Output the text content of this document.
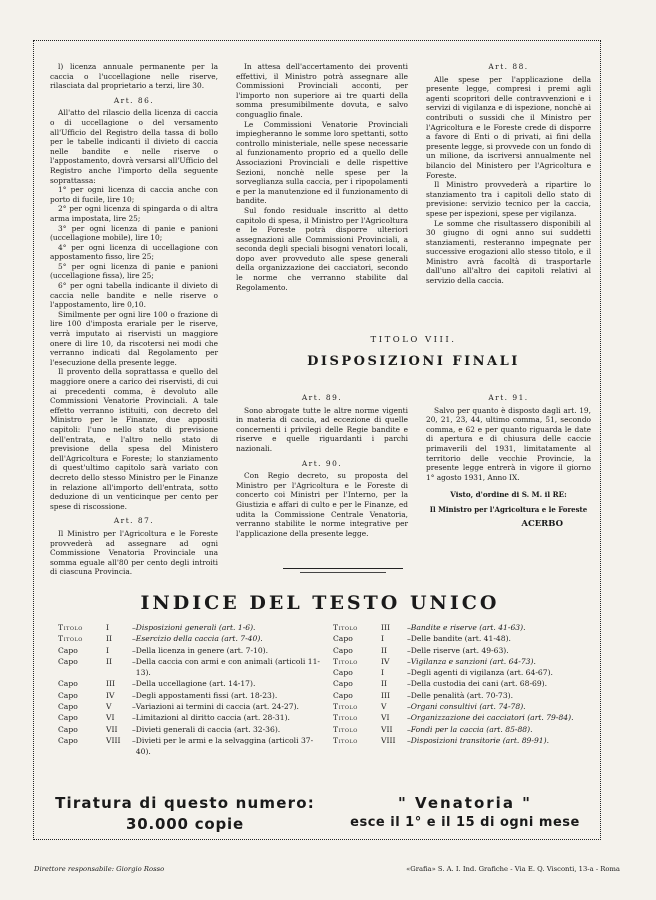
l) licenza annuale permanente per la caccia o l'uccellagione nelle riserve, rilasciata dal proprietario a terzi, lire 30.

Art. 86.

All'atto del rilascio della licenza di caccia o di uccellagione o del versamento all'Ufficio del Registro della tassa di bollo per le tabelle indicanti il divieto di caccia nelle bandite e nelle riserve o l'appostamento, dovrà versarsi all'Ufficio del Registro anche l'importo della seguente soprattassa:

1° per ogni licenza di caccia anche con porto di fucile, lire 10;

2° per ogni licenza di spingarda o di altra arma impostata, lire 25;

3° per ogni licenza di panie e panioni (uccellagione mobile), lire 10;

4° per ogni licenza di uccellagione con appostamento fisso, lire 25;

5° per ogni licenza di panie e panioni (uccellagione fissa), lire 25;

6° per ogni tabella indicante il divieto di caccia nelle bandite e nelle riserve o l'appostamento, lire 0,10.

Similmente per ogni lire 100 o frazione di lire 100 d'imposta erariale per le riserve, verrà imputato ai riservisti un maggiore onere di lire 10, da riscotersi nei modi che verranno indicati dal Regolamento per l'esecuzione della presente legge.

Il provento della soprattassa e quello del maggiore onere a carico dei riservisti, di cui ai precedenti comma, è devoluto alle Commissioni Venatorie Provinciali. A tale effetto verranno istituiti, con decreto del Ministro per le Finanze, due appositi capitoli: l'uno nello stato di previsione dell'entrata, e l'altro nello stato di previsione della spesa del Ministero dell'Agricoltura e Foreste; lo stanziamento di quest'ultimo capitolo sarà variato con decreto dello stesso Ministro per le Finanze in relazione all'importo dell'entrata, sotto deduzione di un venticinque per cento per spese di riscossione.

Art. 87.

Il Ministro per l'Agricoltura e le Foreste provvederà ad assegnare ad ogni Commissione Venatoria Provinciale una somma eguale all'80 per cento degli introiti di ciascuna Provincia.

In attesa dell'accertamento dei proventi effettivi, il Ministro potrà assegnare alle Commissioni Provinciali acconti, per l'importo non superiore ai tre quarti della somma presumibilmente dovuta, e salvo conguaglio finale.

Le Commissioni Venatorie Provinciali impiegheranno le somme loro spettanti, sotto controllo ministeriale, nelle spese necessarie al funzionamento proprio ed a quello delle Associazioni Provinciali e delle rispettive Sezioni, nonchè nelle spese per la sorveglianza sulla caccia, per i ripopolamenti e per la manutenzione ed il funzionamento di bandite.

Sul fondo residuale inscritto al detto capitolo di spesa, il Ministro per l'Agricoltura e le Foreste potrà disporre ulteriori assegnazioni alle Commissioni Provinciali, a seconda degli speciali bisogni venatori locali, dopo aver provveduto alle spese generali della organizzazione dei cacciatori, secondo le norme che verranno stabilite dal Regolamento.

Art. 88.

Alle spese per l'applicazione della presente legge, compresi i premi agli agenti scopritori delle contravvenzioni e i servizi di vigilanza e di ispezione, nonchè ai contributi o sussidi che il Ministro per l'Agricoltura e le Foreste crede di disporre a favore di Enti o di privati, ai fini della presente legge, si provvede con un fondo di un milione, da iscriversi annualmente nel bilancio del Ministero per l'Agricoltura e Foreste.

Il Ministro provvederà a ripartire lo stanziamento tra i capitoli dello stato di previsione: servizio tecnico per la caccia, spese per ispezioni, spese per vigilanza.

Le somme che risultassero disponibili al 30 giugno di ogni anno sui suddetti stanziamenti, resteranno impegnate per successive erogazioni allo stesso titolo, e il Ministro avrà facoltà di trasportarle dall'uno all'altro dei capitoli relativi al servizio della caccia.

TITOLO VIII.
DISPOSIZIONI FINALI
Art. 89.

Sono abrogate tutte le altre norme vigenti in materia di caccia, ad eccezione di quelle concernenti i privilegi delle Regie bandite e riserve e quelle riguardanti i parchi nazionali.

Art. 90.

Con Regio decreto, su proposta del Ministro per l'Agricoltura e le Foreste di concerto coi Ministri per l'Interno, per la Giustizia e affari di culto e per le Finanze, ed udita la Commissione Centrale Venatoria, verranno stabilite le norme integrative per l'applicazione della presente legge.

Art. 91.

Salvo per quanto è disposto dagli art. 19, 20, 21, 23, 44, ultimo comma, 51, secondo comma, e 62 e per quanto riguarda le date di apertura e di chiusura delle caccie primaverili del 1931, limitatamente al territorio delle vecchie Provincie, la presente legge entrerà in vigore il giorno 1° agosto 1931, Anno IX.

Visto, d'ordine di S. M. il RE:
Il Ministro per l'Agricoltura e le Foreste
ACERBO
INDICE DEL TESTO UNICO
Titolo	I	– Disposizioni generali (art. 1-6).
Titolo	II	– Esercizio della caccia (art. 7-40).
Capo	I	– Della licenza in genere (art. 7-10).
Capo	II	– Della caccia con armi e con animali (articoli 11-13).
Capo	III	– Della uccellagione (art. 14-17).
Capo	IV	– Degli appostamenti fissi (art. 18-23).
Capo	V	– Variazioni ai termini di caccia (art. 24-27).
Capo	VI	– Limitazioni al diritto caccia (art. 28-31).
Capo	VII	– Divieti generali di caccia (art. 32-36).
Capo	VIII	– Divieti per le armi e la selvaggina (articoli 37-40).
Titolo	III	– Bandite e riserve (art. 41-63).
Capo	I	– Delle bandite (art. 41-48).
Capo	II	– Delle riserve (art. 49-63).
Titolo	IV	– Vigilanza e sanzioni (art. 64-73).
Capo	I	– Degli agenti di vigilanza (art. 64-67).
Capo	II	– Della custodia dei cani (art. 68-69).
Capo	III	– Delle penalità (art. 70-73).
Titolo	V	– Organi consultivi (art. 74-78).
Titolo	VI	– Organizzazione dei cacciatori (art. 79-84).
Titolo	VII	– Fondi per la caccia (art. 85-88).
Titolo	VIII	– Disposizioni transitorie (art. 89-91).
Tiratura di questo numero:
30.000 copie
" Venatoria "
esce il 1° e il 15 di ogni mese
Direttore responsabile: Giorgio Rosso	«Grafia» S. A. I. Ind. Grafiche - Via E. Q. Visconti, 13-a - Roma
